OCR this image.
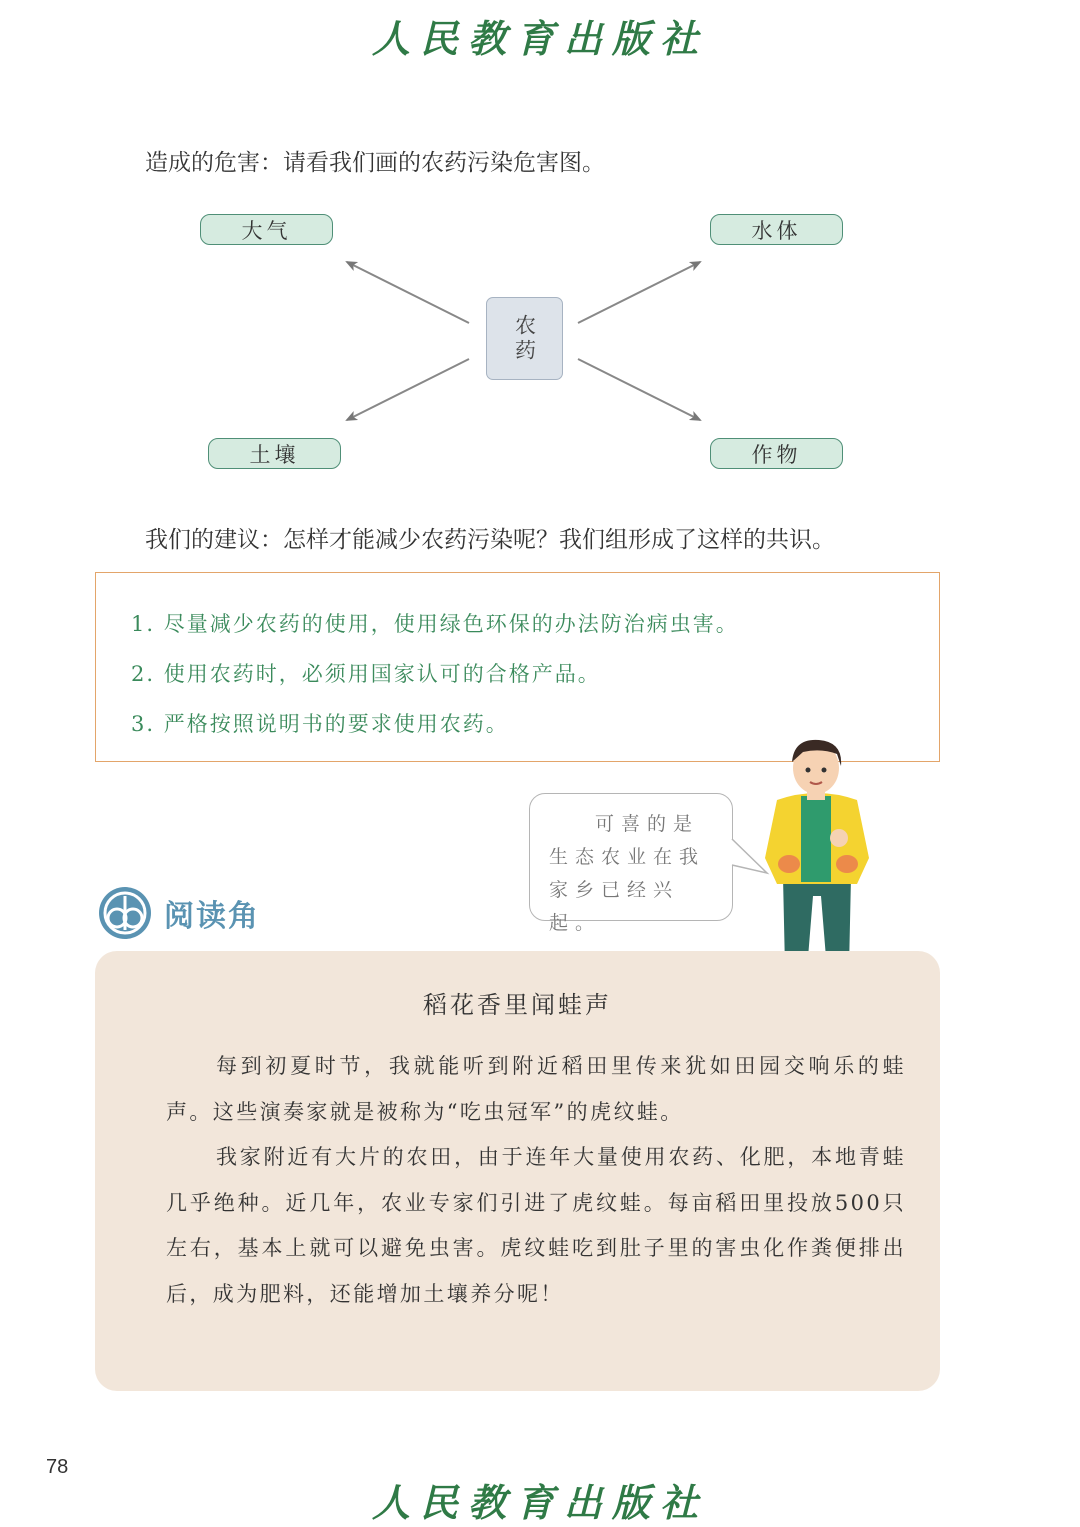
人民教育出版社
造成的危害：请看我们画的农药污染危害图。
大气	水体
土壤	作物
农药
我们的建议：怎样才能减少农药污染呢？我们组形成了这样的共识。
1. 尽量减少农药的使用，使用绿色环保的办法防治病虫害。
2. 使用农药时，必须用国家认可的合格产品。
3. 严格按照说明书的要求使用农药。
可喜的是生态农业在我家乡已经兴起。
阅读角
稻花香里闻蛙声

每到初夏时节，我就能听到附近稻田里传来犹如田园交响乐的蛙声。这些演奏家就是被称为“吃虫冠军”的虎纹蛙。

我家附近有大片的农田，由于连年大量使用农药、化肥，本地青蛙几乎绝种。近几年，农业专家们引进了虎纹蛙。每亩稻田里投放500只左右，基本上就可以避免虫害。虎纹蛙吃到肚子里的害虫化作粪便排出后，成为肥料，还能增加土壤养分呢！

78
人民教育出版社
